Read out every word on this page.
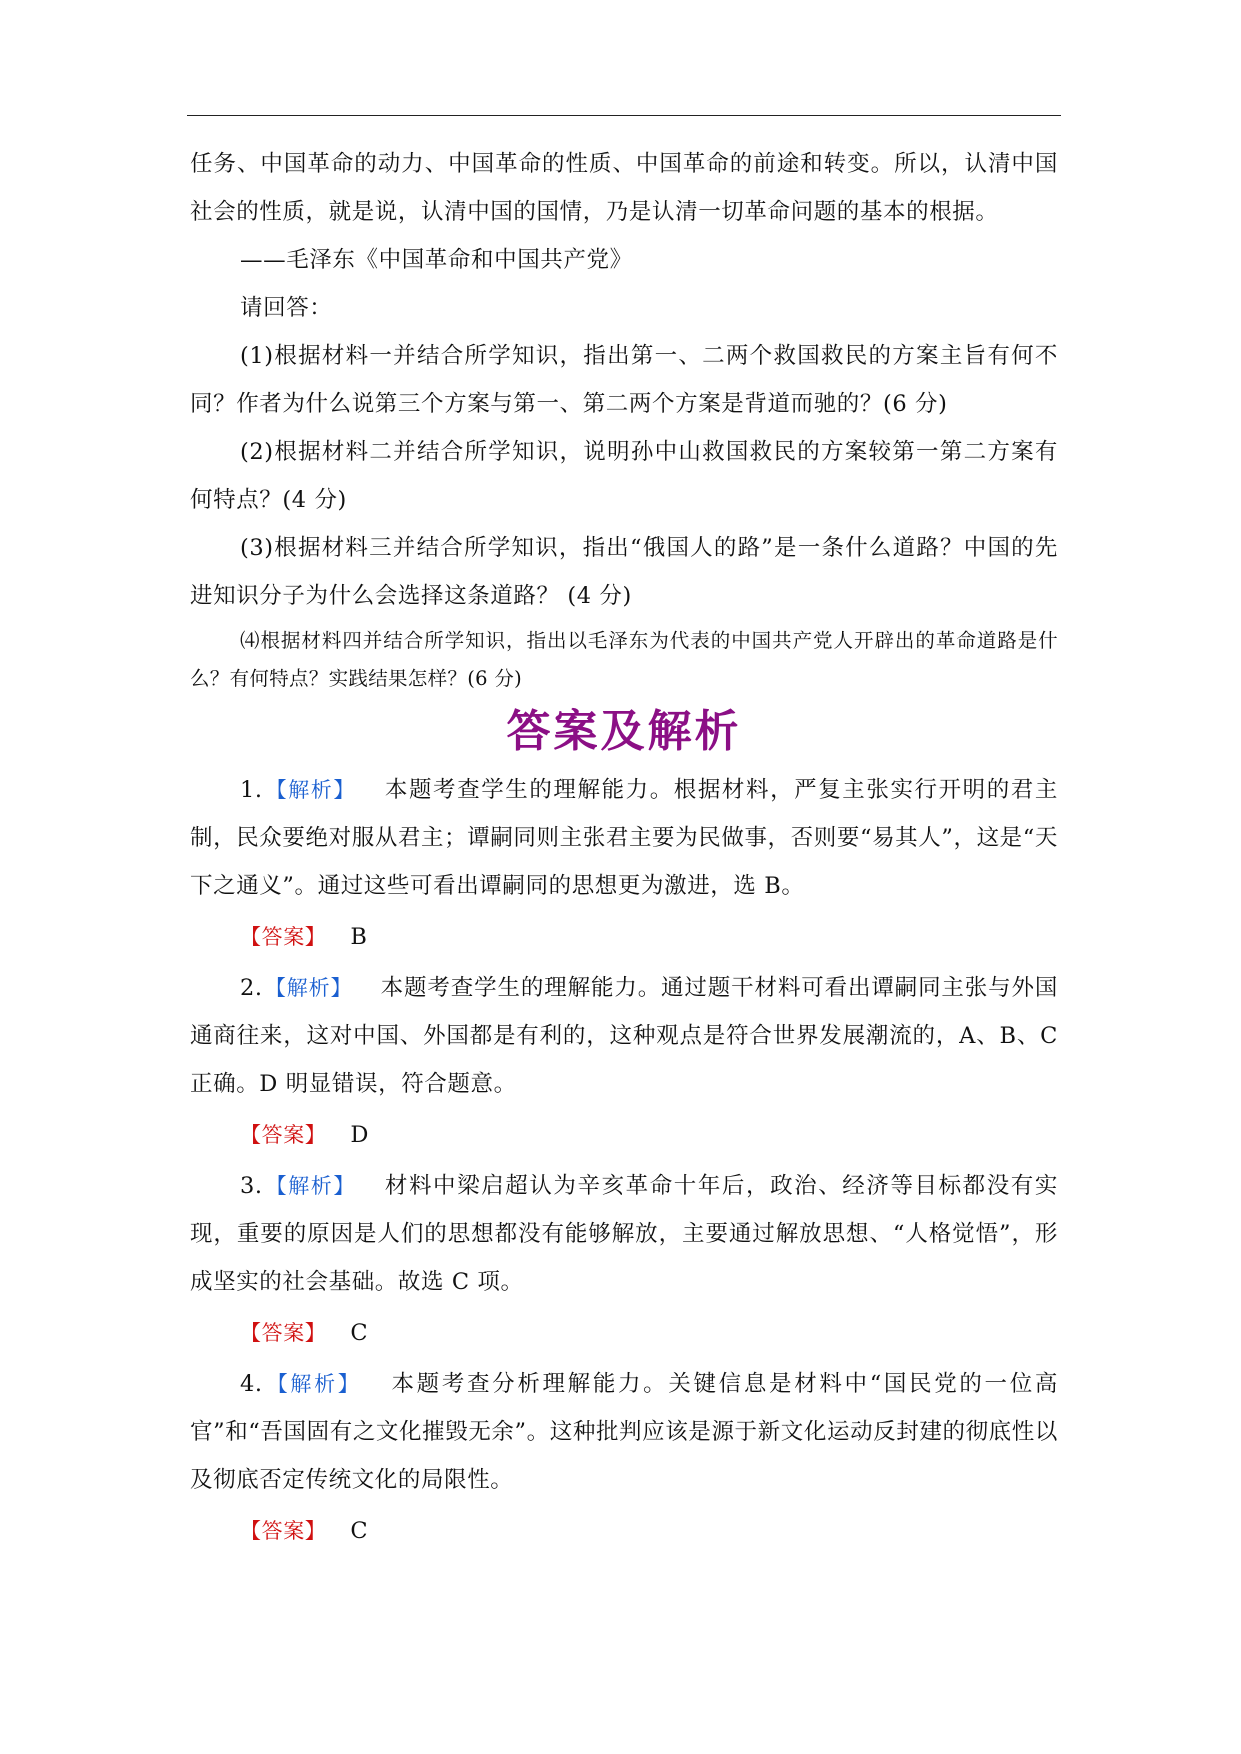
任务、中国革命的动力、中国革命的性质、中国革命的前途和转变。所以，认清中国社会的性质，就是说，认清中国的国情，乃是认清一切革命问题的基本的根据。

——毛泽东《中国革命和中国共产党》

请回答：

(1)根据材料一并结合所学知识，指出第一、二两个救国救民的方案主旨有何不同？作者为什么说第三个方案与第一、第二两个方案是背道而驰的？(6 分)

(2)根据材料二并结合所学知识，说明孙中山救国救民的方案较第一第二方案有何特点？(4 分)

(3)根据材料三并结合所学知识，指出“俄国人的路”是一条什么道路？中国的先进知识分子为什么会选择这条道路？ (4 分)

⑷根据材料四并结合所学知识，指出以毛泽东为代表的中国共产党人开辟出的革命道路是什么？有何特点？实践结果怎样？(6 分)

答案及解析

1.【解析】 本题考查学生的理解能力。根据材料，严复主张实行开明的君主制，民众要绝对服从君主；谭嗣同则主张君主要为民做事，否则要“易其人”，这是“天下之通义”。通过这些可看出谭嗣同的思想更为激进，选 B。

【答案】 B

2.【解析】 本题考查学生的理解能力。通过题干材料可看出谭嗣同主张与外国通商往来，这对中国、外国都是有利的，这种观点是符合世界发展潮流的，A、B、C 正确。D 明显错误，符合题意。

【答案】 D

3.【解析】 材料中梁启超认为辛亥革命十年后，政治、经济等目标都没有实现，重要的原因是人们的思想都没有能够解放，主要通过解放思想、“人格觉悟”，形成坚实的社会基础。故选 C 项。

【答案】 C

4.【解析】 本题考查分析理解能力。关键信息是材料中“国民党的一位高官”和“吾国固有之文化摧毁无余”。这种批判应该是源于新文化运动反封建的彻底性以及彻底否定传统文化的局限性。

【答案】 C
